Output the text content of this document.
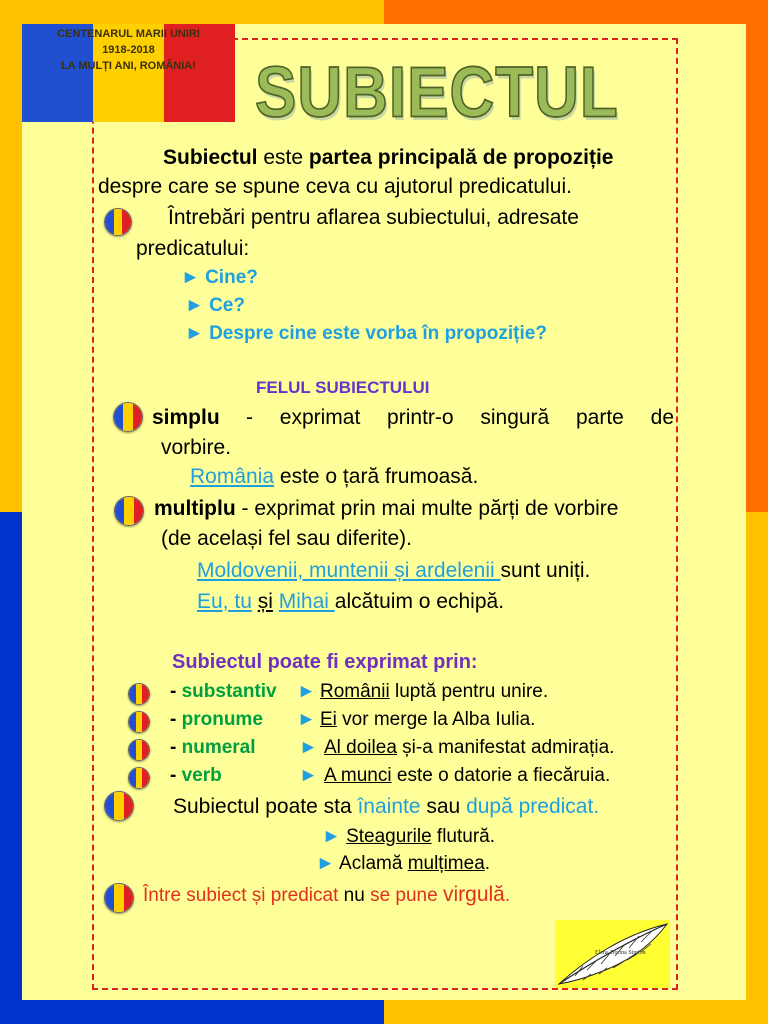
CENTENARUL MARII UNIRI
1918-2018
LA MULȚI ANI, ROMÂNIA! SUBIECTUL
Subiectul este partea principală de propoziție
despre care se spune ceva cu ajutorul predicatului.
Întrebări pentru aflarea subiectului, adresate
predicatului:
► Cine?
► Ce?
► Despre cine este vorba în propoziție?
FELUL SUBIECTULUI
simplu - exprimat printr-o singură parte de
vorbire.
România este o țară frumoasă.
multiplu - exprimat prin mai multe părți de vorbire
(de același fel sau diferite).
Moldovenii, muntenii și ardelenii sunt uniți.
Eu, tu și Mihai alcătuim o echipă.
Subiectul poate fi exprimat prin:
- substantiv ► Românii luptă pentru unire.
- pronume ► Ei vor merge la Alba Iulia.
- numeral ► Al doilea și-a manifestat admirația.
- verb	► A munci este o datorie a fiecăruia.
Subiectul poate sta înainte sau după predicat.
► Steagurile flutură.
► Aclamă mulțimea.
Între subiect și predicat nu se pune virgulă.
Elena Dorina Simion
